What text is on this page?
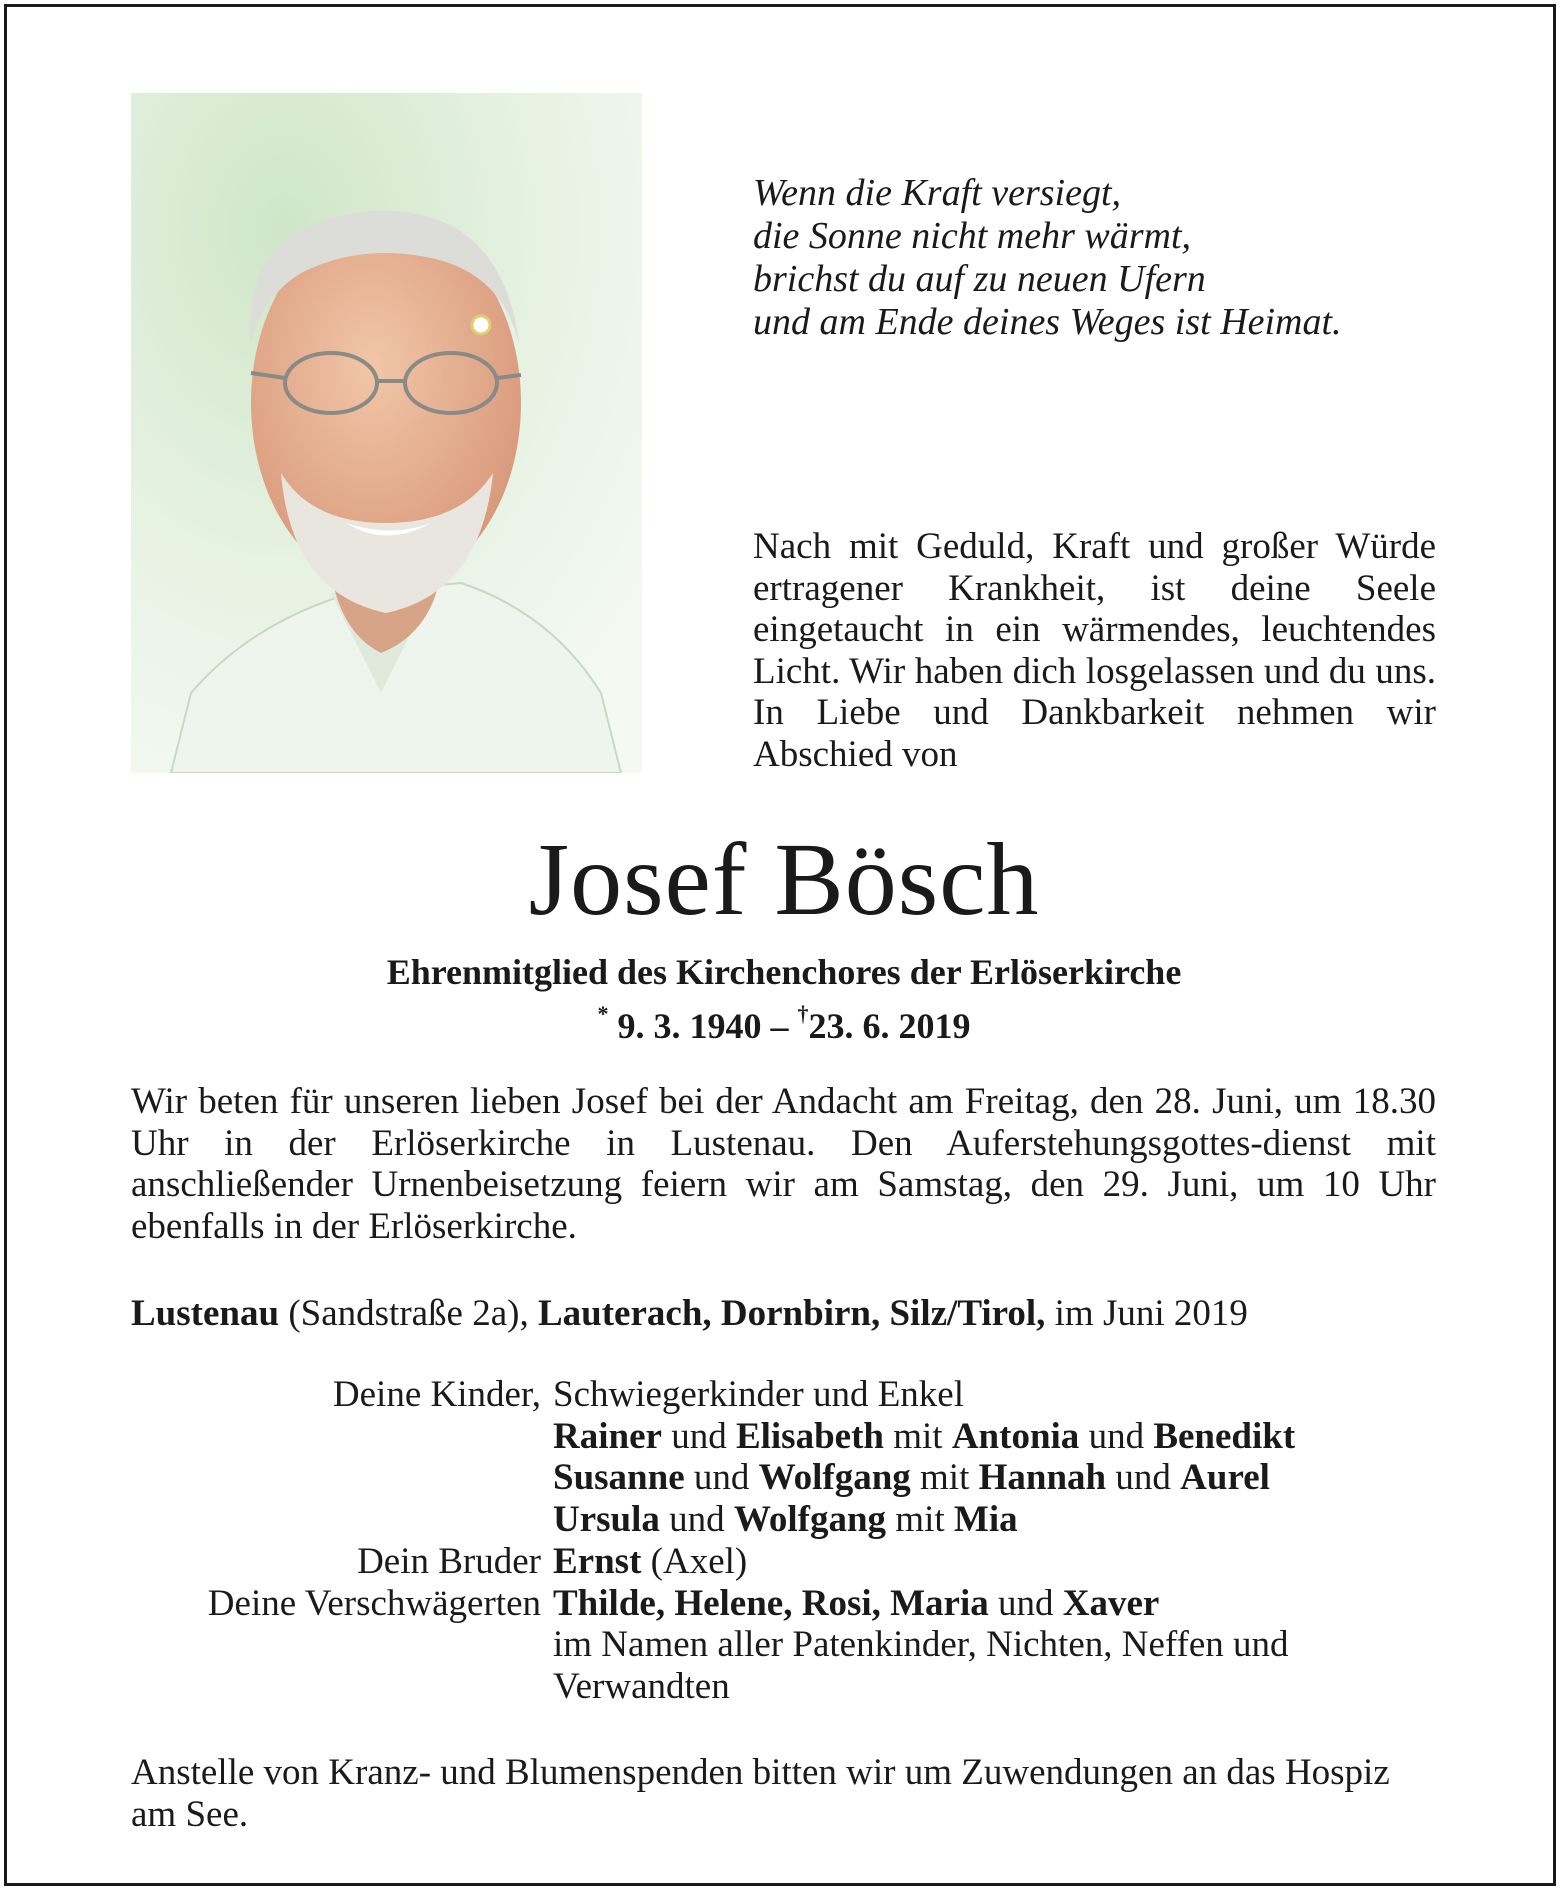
Wenn die Kraft versiegt,
die Sonne nicht mehr wärmt,
brichst du auf zu neuen Ufern
und am Ende deines Weges ist Heimat.
Nach mit Geduld, Kraft und großer Würde ertragener Krankheit, ist deine Seele eingetaucht in ein wärmendes, leuchtendes Licht. Wir haben dich losgelassen und du uns. In Liebe und Dankbarkeit nehmen wir Abschied von
Josef Bösch
Ehrenmitglied des Kirchenchores der Erlöserkirche
* 9. 3. 1940 – †23. 6. 2019
Wir beten für unseren lieben Josef bei der Andacht am Freitag, den 28. Juni, um 18.30 Uhr in der Erlöserkirche in Lustenau. Den Auferstehungsgottes-dienst mit anschließender Urnenbeisetzung feiern wir am Samstag, den 29. Juni, um 10 Uhr ebenfalls in der Erlöserkirche.
Lustenau (Sandstraße 2a), Lauterach, Dornbirn, Silz/Tirol, im Juni 2019
Deine Kinder, Schwiegerkinder und Enkel
Rainer und Elisabeth mit Antonia und Benedikt
Susanne und Wolfgang mit Hannah und Aurel
Ursula und Wolfgang mit Mia
Dein Bruder Ernst (Axel)
Deine Verschwägerten Thilde, Helene, Rosi, Maria und Xaver
im Namen aller Patenkinder, Nichten, Neffen und
Verwandten
Anstelle von Kranz- und Blumenspenden bitten wir um Zuwendungen an das Hospiz am See.
